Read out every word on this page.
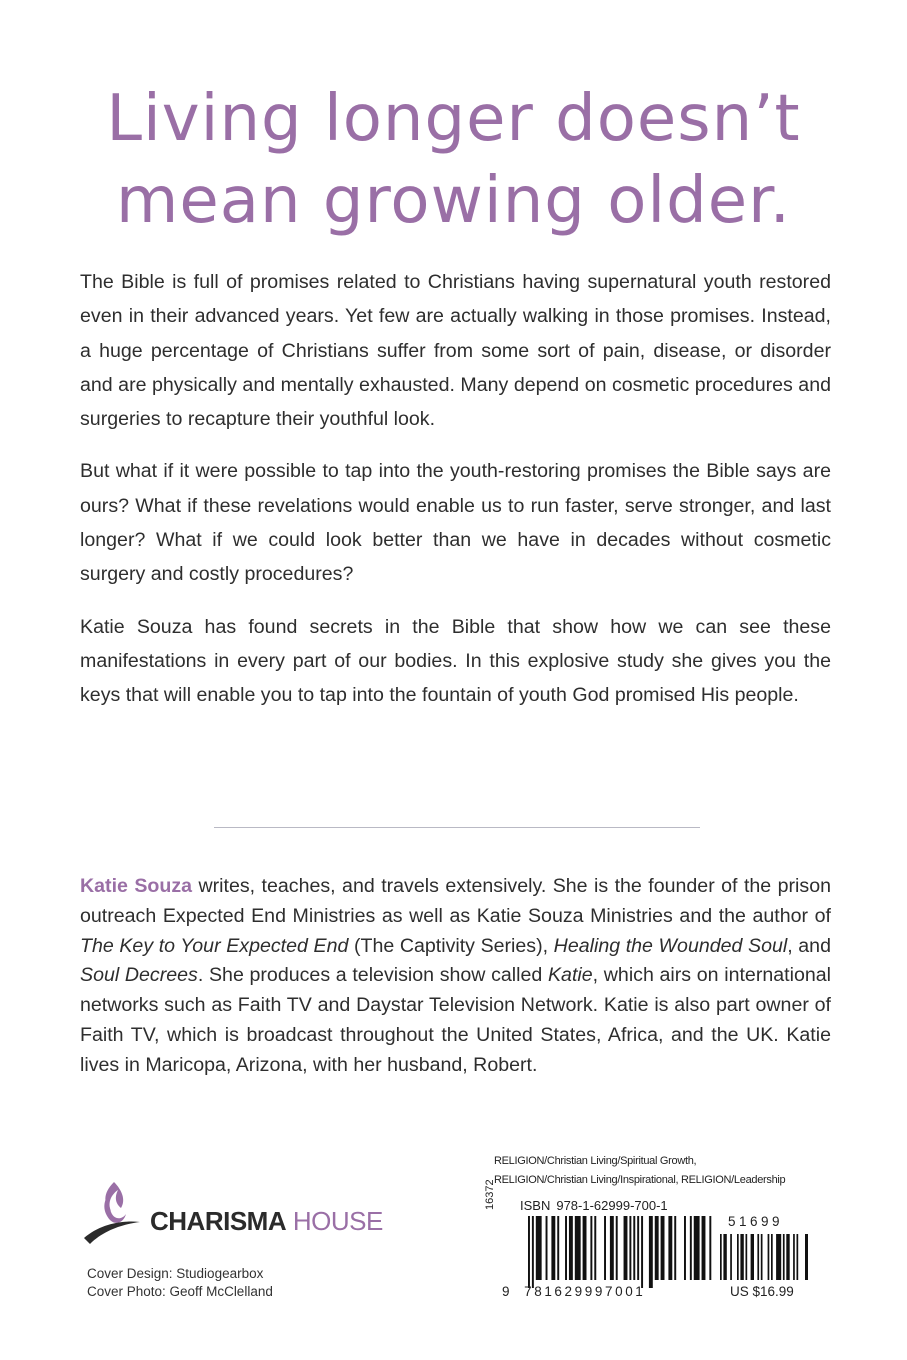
Living longer doesn’t
mean growing older.

The Bible is full of promises related to Christians having supernatural youth restored even in their advanced years. Yet few are actually walking in those promises. Instead, a huge percentage of Christians suffer from some sort of pain, disease, or disorder and are physically and mentally exhausted. Many depend on cosmetic procedures and surgeries to recapture their youthful look.

But what if it were possible to tap into the youth-restoring promises the Bible says are ours? What if these revelations would enable us to run faster, serve stronger, and last longer? What if we could look better than we have in decades without cosmetic surgery and costly procedures?

Katie Souza has found secrets in the Bible that show how we can see these manifestations in every part of our bodies. In this explosive study she gives you the keys that will enable you to tap into the fountain of youth God promised His people.

Katie Souza writes, teaches, and travels extensively. She is the founder of the prison outreach Expected End Ministries as well as Katie Souza Ministries and the author of The Key to Your Expected End (The Captivity Series), Healing the Wounded Soul, and Soul Decrees. She produces a television show called Katie, which airs on international networks such as Faith TV and Daystar Television Network. Katie is also part owner of Faith TV, which is broadcast throughout the United States, Africa, and the UK. Katie lives in Maricopa, Arizona, with her husband, Robert.

CHARISMA HOUSE
Cover Design: Studiogearbox
Cover Photo: Geoff McClelland
RELIGION/Christian Living/Spiritual Growth,
RELIGION/Christian Living/Inspirational, RELIGION/Leadership
16372 ISBN 978-1-62999-700-1
51699
9 781629997001	US $16.99
